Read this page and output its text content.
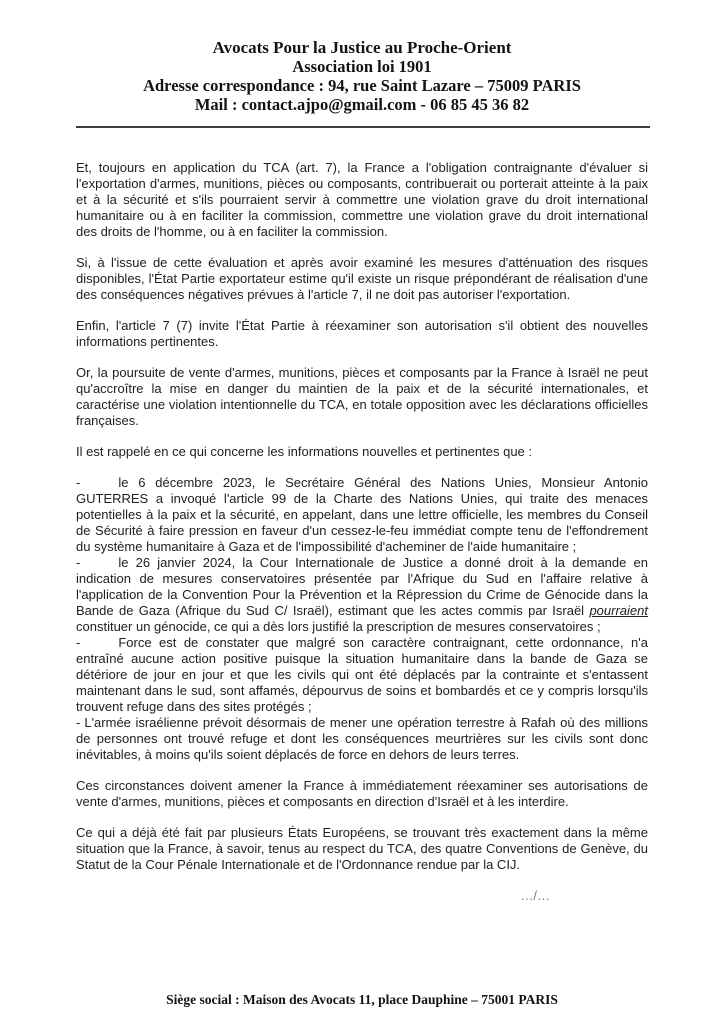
Avocats Pour la Justice au Proche-Orient
Association loi 1901
Adresse correspondance : 94, rue Saint Lazare – 75009 PARIS
Mail : contact.ajpo@gmail.com - 06 85 45 36 82

Et, toujours en application du TCA (art. 7), la France a l'obligation contraignante d'évaluer si l'exportation d'armes, munitions, pièces ou composants, contribuerait ou porterait atteinte à la paix et à la sécurité et s'ils pourraient servir à commettre une violation grave du droit international humanitaire ou à en faciliter la commission, commettre une violation grave du droit international des droits de l'homme, ou à en faciliter la commission.

Si, à l'issue de cette évaluation et après avoir examiné les mesures d'atténuation des risques disponibles, l'État Partie exportateur estime qu'il existe un risque prépondérant de réalisation d'une des conséquences négatives prévues à l'article 7, il ne doit pas autoriser l'exportation.

Enfin, l'article 7 (7) invite l'État Partie à réexaminer son autorisation s'il obtient des nouvelles informations pertinentes.

Or, la poursuite de vente d'armes, munitions, pièces et composants par la France à Israël ne peut qu'accroître la mise en danger du maintien de la paix et de la sécurité internationales, et caractérise une violation intentionnelle du TCA, en totale opposition avec les déclarations officielles françaises.

Il est rappelé en ce qui concerne les informations nouvelles et pertinentes que :

-	le 6 décembre 2023, le Secrétaire Général des Nations Unies, Monsieur Antonio GUTERRES a invoqué l'article 99 de la Charte des Nations Unies, qui traite des menaces potentielles à la paix et la sécurité, en appelant, dans une lettre officielle, les membres du Conseil de Sécurité à faire pression en faveur d'un cessez-le-feu immédiat compte tenu de l'effondrement du système humanitaire à Gaza et de l'impossibilité d'acheminer de l'aide humanitaire ;
-	le 26 janvier 2024, la Cour Internationale de Justice a donné droit à la demande en indication de mesures conservatoires présentée par l'Afrique du Sud en l'affaire relative à l'application de la Convention Pour la Prévention et la Répression du Crime de Génocide dans la Bande de Gaza (Afrique du Sud C/ Israël), estimant que les actes commis par Israël pourraient constituer un génocide, ce qui a dès lors justifié la prescription de mesures conservatoires ;
-	Force est de constater que malgré son caractère contraignant, cette ordonnance, n'a entraîné aucune action positive puisque la situation humanitaire dans la bande de Gaza se détériore de jour en jour et que les civils qui ont été déplacés par la contrainte et s'entassent maintenant dans le sud, sont affamés, dépourvus de soins et bombardés et ce y compris lorsqu'ils trouvent refuge dans des sites protégés ;
- L'armée israélienne prévoit désormais de mener une opération terrestre à Rafah où des millions de personnes ont trouvé refuge et dont les conséquences meurtrières sur les civils sont donc inévitables, à moins qu'ils soient déplacés de force en dehors de leurs terres.

Ces circonstances doivent amener la France à immédiatement réexaminer ses autorisations de vente d'armes, munitions, pièces et composants en direction d'Israël et à les interdire.

Ce qui a déjà été fait par plusieurs États Européens, se trouvant très exactement dans la même situation que la France, à savoir, tenus au respect du TCA, des quatre Conventions de Genève, du Statut de la Cour Pénale Internationale et de l'Ordonnance rendue par la CIJ.

…/…
Siège social : Maison des Avocats 11, place Dauphine – 75001 PARIS
